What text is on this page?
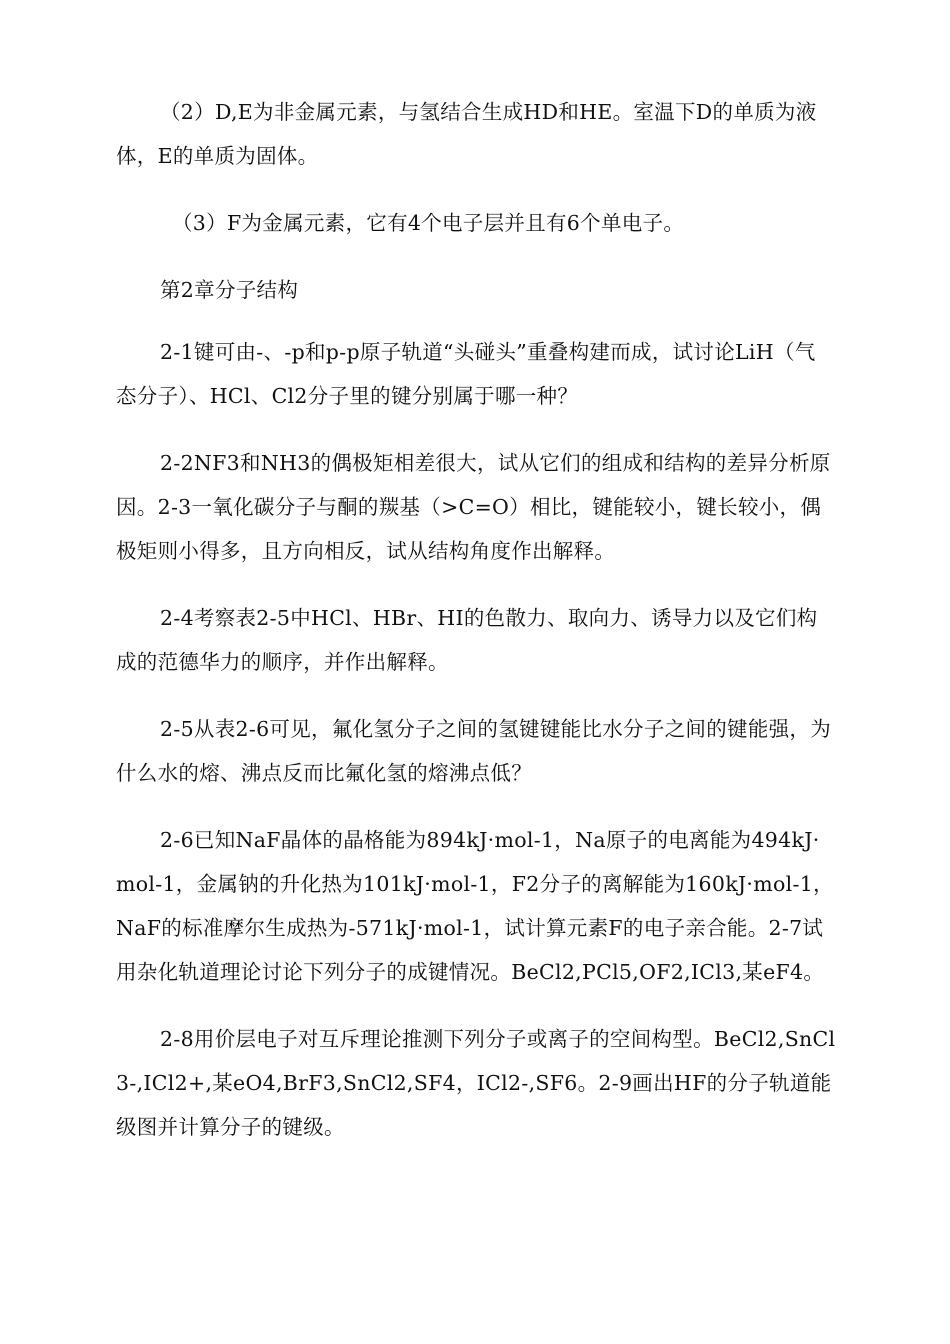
（2）D,E为非金属元素，与氢结合生成HD和HE。室温下D的单质为液体，E的单质为固体。

（3）F为金属元素，它有4个电子层并且有6个单电子。

第2章分子结构

2-1键可由-、-p和p-p原子轨道“头碰头”重叠构建而成，试讨论LiH（气态分子）、HCl、Cl2分子里的键分别属于哪一种？

2-2NF3和NH3的偶极矩相差很大，试从它们的组成和结构的差异分析原因。2-3一氧化碳分子与酮的羰基（>C=O）相比，键能较小，键长较小，偶极矩则小得多，且方向相反，试从结构角度作出解释。

2-4考察表2-5中HCl、HBr、HI的色散力、取向力、诱导力以及它们构成的范德华力的顺序，并作出解释。

2-5从表2-6可见，氟化氢分子之间的氢键键能比水分子之间的键能强，为什么水的熔、沸点反而比氟化氢的熔沸点低？

2-6已知NaF晶体的晶格能为894kJ·mol-1，Na原子的电离能为494kJ·mol-1，金属钠的升化热为101kJ·mol-1，F2分子的离解能为160kJ·mol-1，NaF的标准摩尔生成热为-571kJ·mol-1，试计算元素F的电子亲合能。2-7试用杂化轨道理论讨论下列分子的成键情况。BeCl2,PCl5,OF2,ICl3,某eF4。

2-8用价层电子对互斥理论推测下列分子或离子的空间构型。BeCl2,SnCl3-,ICl2+,某eO4,BrF3,SnCl2,SF4，ICl2-,SF6。2-9画出HF的分子轨道能级图并计算分子的键级。
